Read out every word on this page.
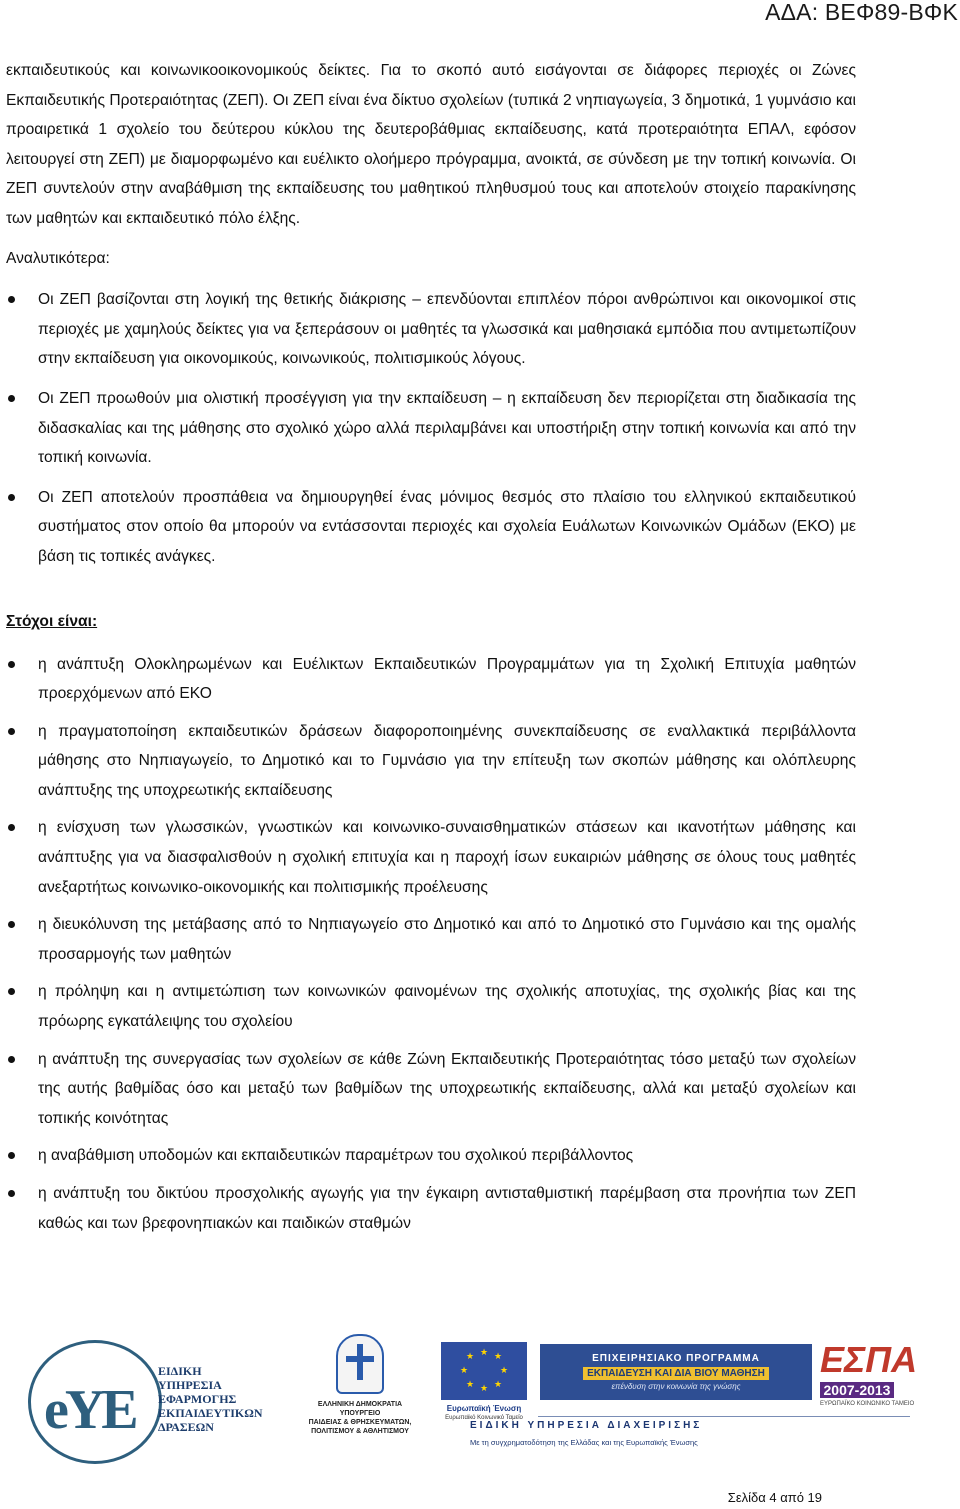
ΑΔΑ: ΒΕΦ89-ΒΦΚ

εκπαιδευτικούς και κοινωνικοοικονομικούς δείκτες. Για το σκοπό αυτό εισάγονται σε διάφορες περιοχές οι Ζώνες Εκπαιδευτικής Προτεραιότητας (ΖΕΠ). Οι ΖΕΠ είναι ένα δίκτυο σχολείων (τυπικά 2 νηπιαγωγεία, 3 δημοτικά, 1 γυμνάσιο και προαιρετικά 1 σχολείο του δεύτερου κύκλου της δευτεροβάθμιας εκπαίδευσης, κατά προτεραιότητα ΕΠΑΛ, εφόσον λειτουργεί στη ΖΕΠ) με διαμορφωμένο και ευέλικτο ολοήμερο πρόγραμμα, ανοικτά, σε σύνδεση με την τοπική κοινωνία. Οι ΖΕΠ συντελούν στην αναβάθμιση της εκπαίδευσης του μαθητικού πληθυσμού τους και αποτελούν στοιχείο παρακίνησης των μαθητών και εκπαιδευτικό πόλο έλξης.

Αναλυτικότερα:
Οι ΖΕΠ βασίζονται στη λογική της θετικής διάκρισης – επενδύονται επιπλέον πόροι ανθρώπινοι και οικονομικοί στις περιοχές με χαμηλούς δείκτες για να ξεπεράσουν οι μαθητές τα γλωσσικά και μαθησιακά εμπόδια που αντιμετωπίζουν στην εκπαίδευση για οικονομικούς, κοινωνικούς, πολιτισμικούς λόγους.
Οι ΖΕΠ προωθούν μια ολιστική προσέγγιση για την εκπαίδευση – η εκπαίδευση δεν περιορίζεται στη διαδικασία της διδασκαλίας και της μάθησης στο σχολικό χώρο αλλά περιλαμβάνει και υποστήριξη στην τοπική κοινωνία και από την τοπική κοινωνία.
Οι ΖΕΠ αποτελούν προσπάθεια να δημιουργηθεί ένας μόνιμος θεσμός στο πλαίσιο του ελληνικού εκπαιδευτικού συστήματος στον οποίο θα μπορούν να εντάσσονται περιοχές και σχολεία Ευάλωτων Κοινωνικών Ομάδων (ΕΚΟ) με βάση τις τοπικές ανάγκες.
Στόχοι είναι:
η ανάπτυξη Ολοκληρωμένων και Ευέλικτων Εκπαιδευτικών Προγραμμάτων για τη Σχολική Επιτυχία μαθητών προερχόμενων από ΕΚΟ
η πραγματοποίηση εκπαιδευτικών δράσεων διαφοροποιημένης συνεκπαίδευσης σε εναλλακτικά περιβάλλοντα μάθησης στο Νηπιαγωγείο, το Δημοτικό και το Γυμνάσιο για την επίτευξη των σκοπών μάθησης και ολόπλευρης ανάπτυξης της υποχρεωτικής εκπαίδευσης
η ενίσχυση των γλωσσικών, γνωστικών και κοινωνικο-συναισθηματικών στάσεων και ικανοτήτων μάθησης και ανάπτυξης για να διασφαλισθούν η σχολική επιτυχία και η παροχή ίσων ευκαιριών μάθησης σε όλους τους μαθητές ανεξαρτήτως κοινωνικο-οικονομικής και πολιτισμικής προέλευσης
η διευκόλυνση της μετάβασης από το Νηπιαγωγείο στο Δημοτικό και από το Δημοτικό στο Γυμνάσιο και της ομαλής προσαρμογής των μαθητών
η πρόληψη και η αντιμετώπιση των κοινωνικών φαινομένων της σχολικής αποτυχίας, της σχολικής βίας και της πρόωρης εγκατάλειψης του σχολείου
η ανάπτυξη της συνεργασίας των σχολείων σε κάθε Ζώνη Εκπαιδευτικής Προτεραιότητας τόσο μεταξύ των σχολείων της αυτής βαθμίδας όσο και μεταξύ των βαθμίδων της υποχρεωτικής εκπαίδευσης, αλλά και μεταξύ σχολείων και τοπικής κοινότητας
η αναβάθμιση υποδομών και εκπαιδευτικών παραμέτρων του σχολικού περιβάλλοντος
η ανάπτυξη του δικτύου προσχολικής αγωγής για την έγκαιρη αντισταθμιστική παρέμβαση στα προνήπια των ΖΕΠ καθώς και των βρεφονηπιακών και παιδικών σταθμών
eYE
ΕΙΔΙΚΗ
ΥΠΗΡΕΣΙΑ
ΕΦΑΡΜΟΓΗΣ
ΕΚΠΑΙΔΕΥΤΙΚΩΝ
ΔΡΑΣΕΩΝ
ΕΛΛΗΝΙΚΗ ΔΗΜΟΚΡΑΤΙΑ
ΥΠΟΥΡΓΕΙΟ
ΠΑΙΔΕΙΑΣ & ΘΡΗΣΚΕΥΜΑΤΩΝ,
ΠΟΛΙΤΙΣΜΟΥ & ΑΘΛΗΤΙΣΜΟΥ
★ ★
★
★
★
★
★
★
Ευρωπαϊκή Ένωση
Ευρωπαϊκό Κοινωνικό Ταμείο
ΕΠΙΧΕΙΡΗΣΙΑΚΟ ΠΡΟΓΡΑΜΜΑ
ΕΚΠΑΙΔΕΥΣΗ ΚΑΙ ΔΙΑ ΒΙΟΥ ΜΑΘΗΣΗ
επένδυση στην κοινωνία της γνώσης
ΕΣΠΑ
2007-2013
ΕΥΡΩΠΑΪΚΟ ΚΟΙΝΩΝΙΚΟ ΤΑΜΕΙΟ
ΕΙΔΙΚΗ ΥΠΗΡΕΣΙΑ ΔΙΑΧΕΙΡΙΣΗΣ
Με τη συγχρηματοδότηση της Ελλάδας και της Ευρωπαϊκής Ένωσης
Σελίδα 4 από 19
